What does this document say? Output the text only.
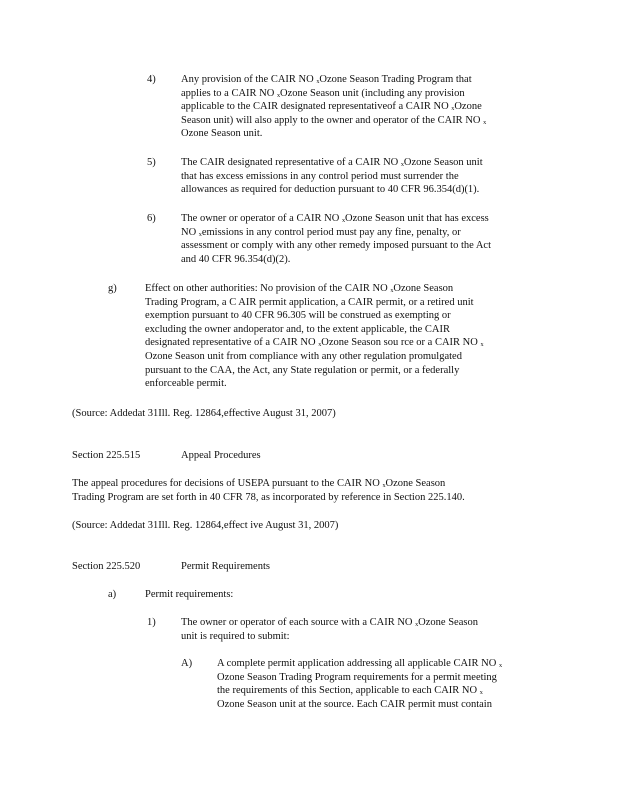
4) Any provision of the CAIR NO ₓOzone Season Trading Program that
applies to a CAIR NO ₓOzone Season unit (including any provision
applicable to the CAIR designated representativeof a CAIR NO ₓOzone
Season unit) will also apply to the owner and operator of the CAIR NO ₓ
Ozone Season unit.
5) The CAIR designated representative of a CAIR NO ₓOzone Season unit
that has excess emissions in any control period must surrender the
allowances as required for deduction pursuant to 40 CFR 96.354(d)(1).
6) The owner or operator of a CAIR NO ₓOzone Season unit that has excess
NO ₓemissions in any control period must pay any fine, penalty, or
assessment or comply with any other remedy imposed pursuant to the Act
and 40 CFR 96.354(d)(2).
g)	Effect on other authorities: No provision of the CAIR NO ₓOzone Season
Trading Program, a C AIR permit application, a CAIR permit, or a retired unit
exemption pursuant to 40 CFR 96.305 will be construed as exempting or
excluding the owner andoperator and, to the extent applicable, the CAIR
designated representative of a CAIR NO ₓOzone Season sou rce or a CAIR NO ₓ
Ozone Season unit from compliance with any other regulation promulgated
pursuant to the CAA, the Act, any State regulation or permit, or a federally
enforceable permit.
(Source: Addedat 31Ill. Reg. 12864,effective August 31, 2007)
Section 225.515	Appeal Procedures
The appeal procedures for decisions of USEPA pursuant to the CAIR NO ₓOzone Season
Trading Program are set forth in 40 CFR 78, as incorporated by reference in Section 225.140.
(Source: Addedat 31Ill. Reg. 12864,effect ive August 31, 2007)
Section 225.520	Permit Requirements
a)	Permit requirements:
1) The owner or operator of each source with a CAIR NO ₓOzone Season
unit is required to submit:
A) A complete permit application addressing all applicable CAIR NO ₓ
Ozone Season Trading Program requirements for a permit meeting
the requirements of this Section, applicable to each CAIR NO ₓ
Ozone Season unit at the source. Each CAIR permit must contain
